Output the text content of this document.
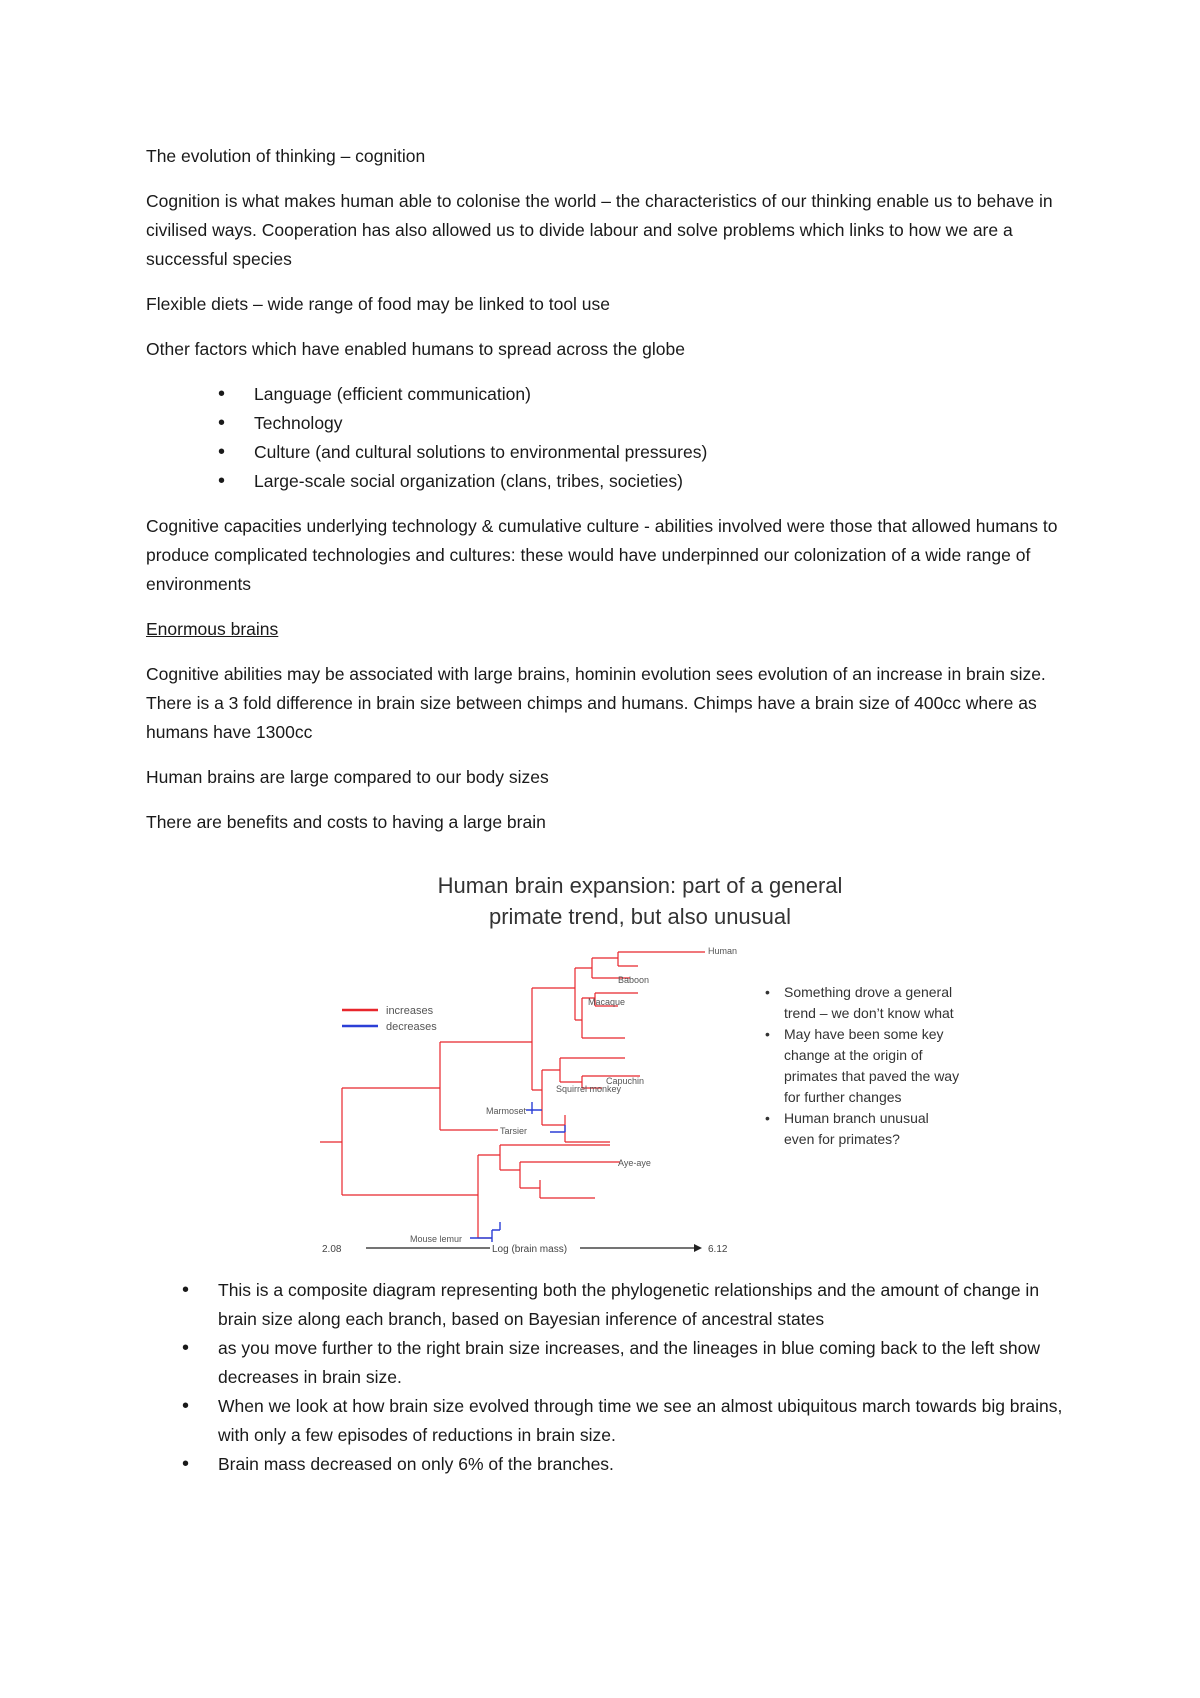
The evolution of thinking – cognition

Cognition is what makes human able to colonise the world – the characteristics of our thinking enable us to behave in civilised ways. Cooperation has also allowed us to divide labour and solve problems which links to how we are a successful species

Flexible diets – wide range of food may be linked to tool use

Other factors which have enabled humans to spread across the globe

• Language (efficient communication)
• Technology
• Culture (and cultural solutions to environmental pressures)
• Large-scale social organization (clans, tribes, societies)

Cognitive capacities underlying technology & cumulative culture - abilities involved were those that allowed humans to produce complicated technologies and cultures: these would have underpinned our colonization of a wide range of environments

Enormous brains

Cognitive abilities may be associated with large brains, hominin evolution sees evolution of an increase in brain size. There is a 3 fold difference in brain size between chimps and humans. Chimps have a brain size of 400cc where as humans have 1300cc

Human brains are large compared to our body sizes

There are benefits and costs to having a large brain

Human brain expansion: part of a general
primate trend, but also unusual
increases
decreases
Human
Baboon
Macaque
Capuchin
Squirrel monkey
Marmoset
Tarsier
Aye-aye
Mouse lemur
2.08	Log (brain mass)	6.12
• Something drove a general trend – we don’t know what
• May have been some key change at the origin of primates that paved the way for further changes
• Human branch unusual even for primates?
• This is a composite diagram representing both the phylogenetic relationships and the amount of change in brain size along each branch, based on Bayesian inference of ancestral states
• as you move further to the right brain size increases, and the lineages in blue coming back to the left show decreases in brain size.
• When we look at how brain size evolved through time we see an almost ubiquitous march towards big brains, with only a few episodes of reductions in brain size.
• Brain mass decreased on only 6% of the branches.
